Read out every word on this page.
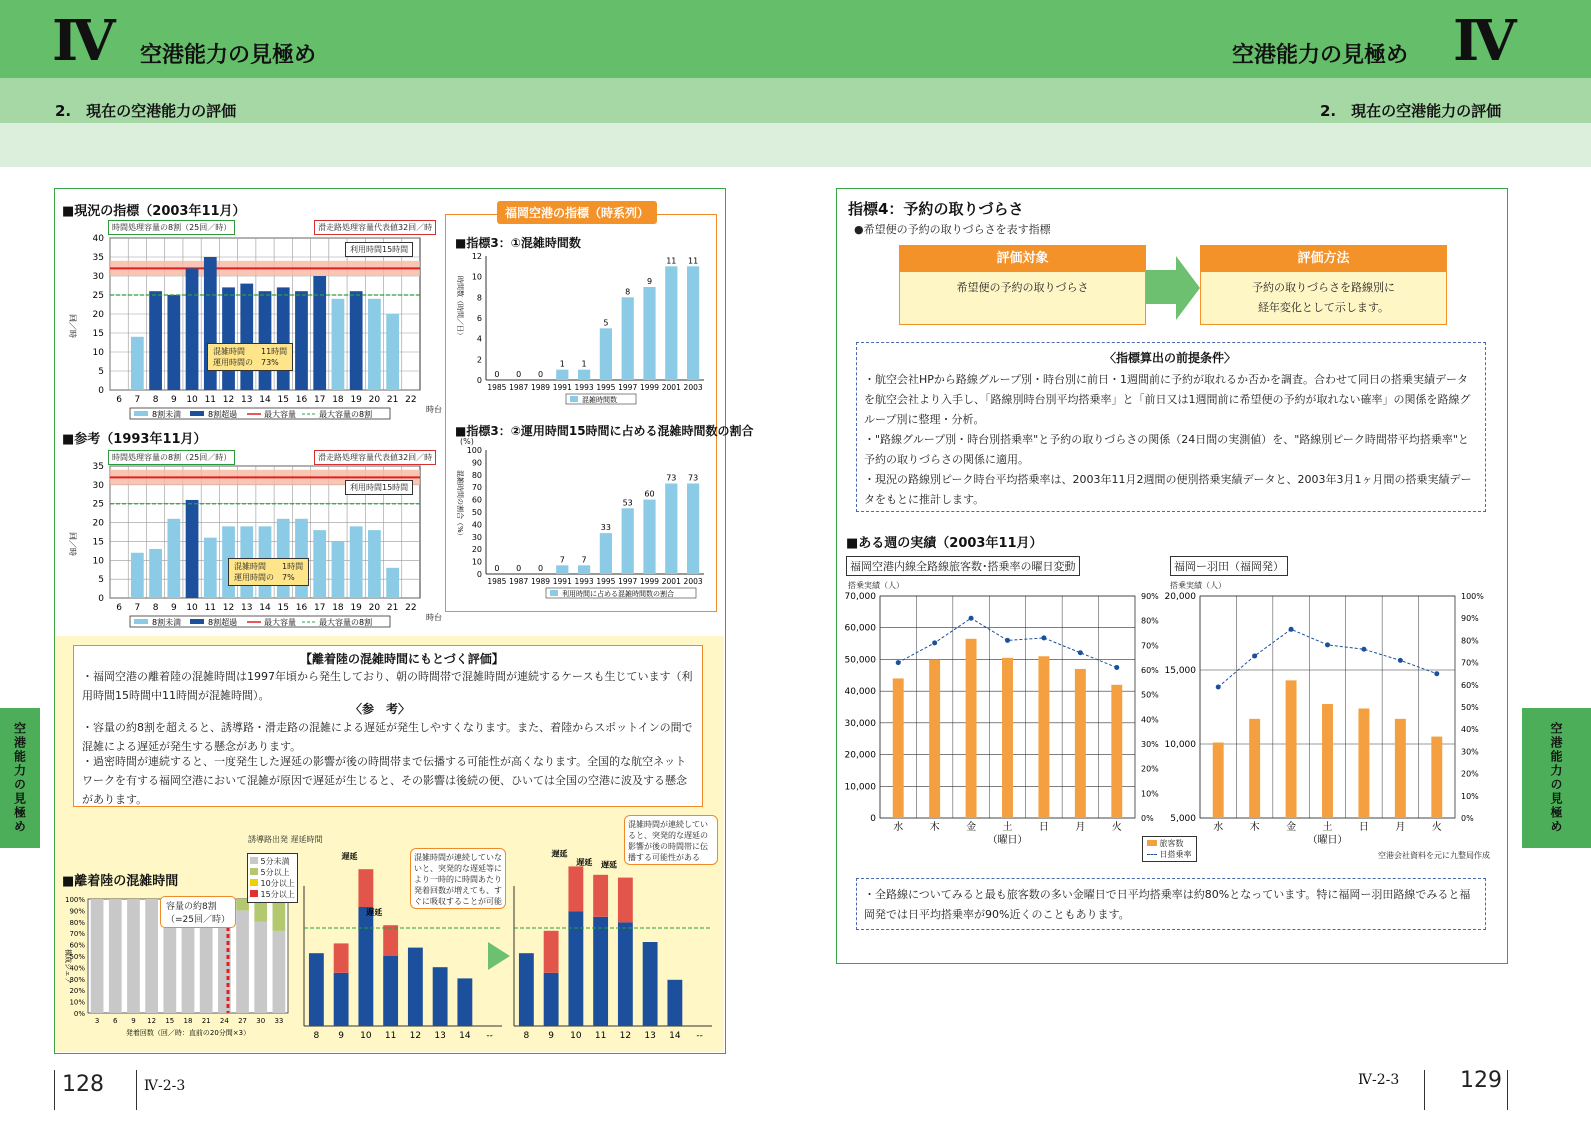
Ⅳ 空港能力の見極め	Ⅳ
空港能力の見極め
2.　現在の空港能力の評価	2.　現在の空港能力の評価
空港能力の見極め	空港能力の見極め
■現況の指標（2003年11月）
時間処理容量の8割（25回／時）	滑走路処理容量代表値32回／時
0
5
10
15
20
25
30
35
40
6 7 8 9 10 11 12 13 14 15 16 17 18 19 20 21 22
時台
回／時
8割未満	8割超過	最大容量	最大容量の8割
利用時間15時間
混雑時間　　11時間
運用時間の　73%
■参考（1993年11月）
時間処理容量の8割（25回／時）	滑走路処理容量代表値32回／時
0
5
10
15
20
25
30
35
6 7 8 9 10 11 12 13 14 15 16 17 18 19 20 21 22
時台
回／時
8割未満	8割超過	最大容量	最大容量の8割
利用時間15時間
混雑時間　　1時間
運用時間の　7%
福岡空港の指標（時系列）
■指標3：①混雑時間数
0
2
4
6
8
10
12
0
1985
0
1987
0
1989
1
1991
1
1993
5
1995
8
1997
9
1999
11
2001
11
2003
時間数（時間／日）
混雑時間数
■指標3：②運用時間15時間に占める混雑時間数の割合
(%)
0
10
20
30
40
50
60
70
80
90
100
0
1985
0
1987
0
1989
7
1991
7
1993
33
1995
53
1997
60
1999
73
2001
73
2003
混雑時間の割合（%）
利用時間に占める混雑時間数の割合
【離着陸の混雑時間にもとづく評価】
・福岡空港の離着陸の混雑時間は1997年頃から発生しており、朝の時間帯で混雑時間が連続するケースも生じています（利用時間15時間中11時間が混雑時間）。
〈参　考〉
・容量の約8割を超えると、誘導路・滑走路の混雑による遅延が発生しやすくなります。また、着陸からスポットインの間で混雑による遅延が発生する懸念があります。
・過密時間が連続すると、一度発生した遅延の影響が後の時間帯まで伝播する可能性が高くなります。全国的な航空ネットワークを有する福岡空港において混雑が原因で遅延が生じると、その影響は後続の便、ひいては全国の空港に波及する懸念があります。
■離着陸の混雑時間
0%
10%
20%
30%
40%
50%
60%
70%
80%
90%
100%
3 6 9 12 15 18 21 24 27 30 33
発着回数（回／時：直前の20分間×3）
構成シェア
誘導路出発 遅延時間
5分未満
5分以上
10分以上
15分以上
容量の約8割
（=25回／時）
8 9 10 11 12 13 14 --
遅延
遅延
8 9 10 11 12 13 14 --
遅延
遅延 遅延
混雑時間が連続していないと、突発的な遅延等により一時的に時間あたり発着回数が増えても、すぐに吸収することが可能
混雑時間が連続していると、突発的な遅延の影響が後の時間帯に伝播する可能性がある
128	Ⅳ-2-3
指標4：予約の取りづらさ
●希望便の予約の取りづらさを表す指標
評価対象
希望便の予約の取りづらさ
評価方法
予約の取りづらさを路線別に
経年変化として示します。
〈指標算出の前提条件〉
・航空会社HPから路線グループ別・時台別に前日・1週間前に予約が取れるか否かを調査。合わせて同日の搭乗実績データを航空会社より入手し、「路線別時台別平均搭乗率」と「前日又は1週間前に希望便の予約が取れない確率」の関係を路線グループ別に整理・分析。
・"路線グループ別・時台別搭乗率"と予約の取りづらさの関係（24日間の実測値）を、"路線別ピーク時間帯平均搭乗率"と予約の取りづらさの関係に適用。
・現況の路線別ピーク時台平均搭乗率は、2003年11月2週間の便別搭乗実績データと、2003年3月1ヶ月間の搭乗実績データをもとに推計します。
■ある週の実績（2003年11月）
福岡空港内線全路線旅客数･搭乗率の曜日変動	福岡ー羽田（福岡発）
搭乗実績（人）	搭乗実績（人）
0
10,000
20,000
30,000
40,000
50,000
60,000
70,000
0%
10%
20%
30%
40%
50%
60%
70%
80%
90%
水	木	金	土	日	月	火
（曜日）
5,000
10,000
15,000
20,000
0%
10%
20%
30%
40%
50%
60%
70%
80%
90%
100%
水	木	金	土	日	月	火
（曜日）
旅客数
日搭乗率	空港会社資料を元に九整局作成
・全路線についてみると最も旅客数の多い金曜日で日平均搭乗率は約80%となっています。特に福岡ー羽田路線でみると福岡発では日平均搭乗率が90%近くのこともあります。
Ⅳ-2-3	129
